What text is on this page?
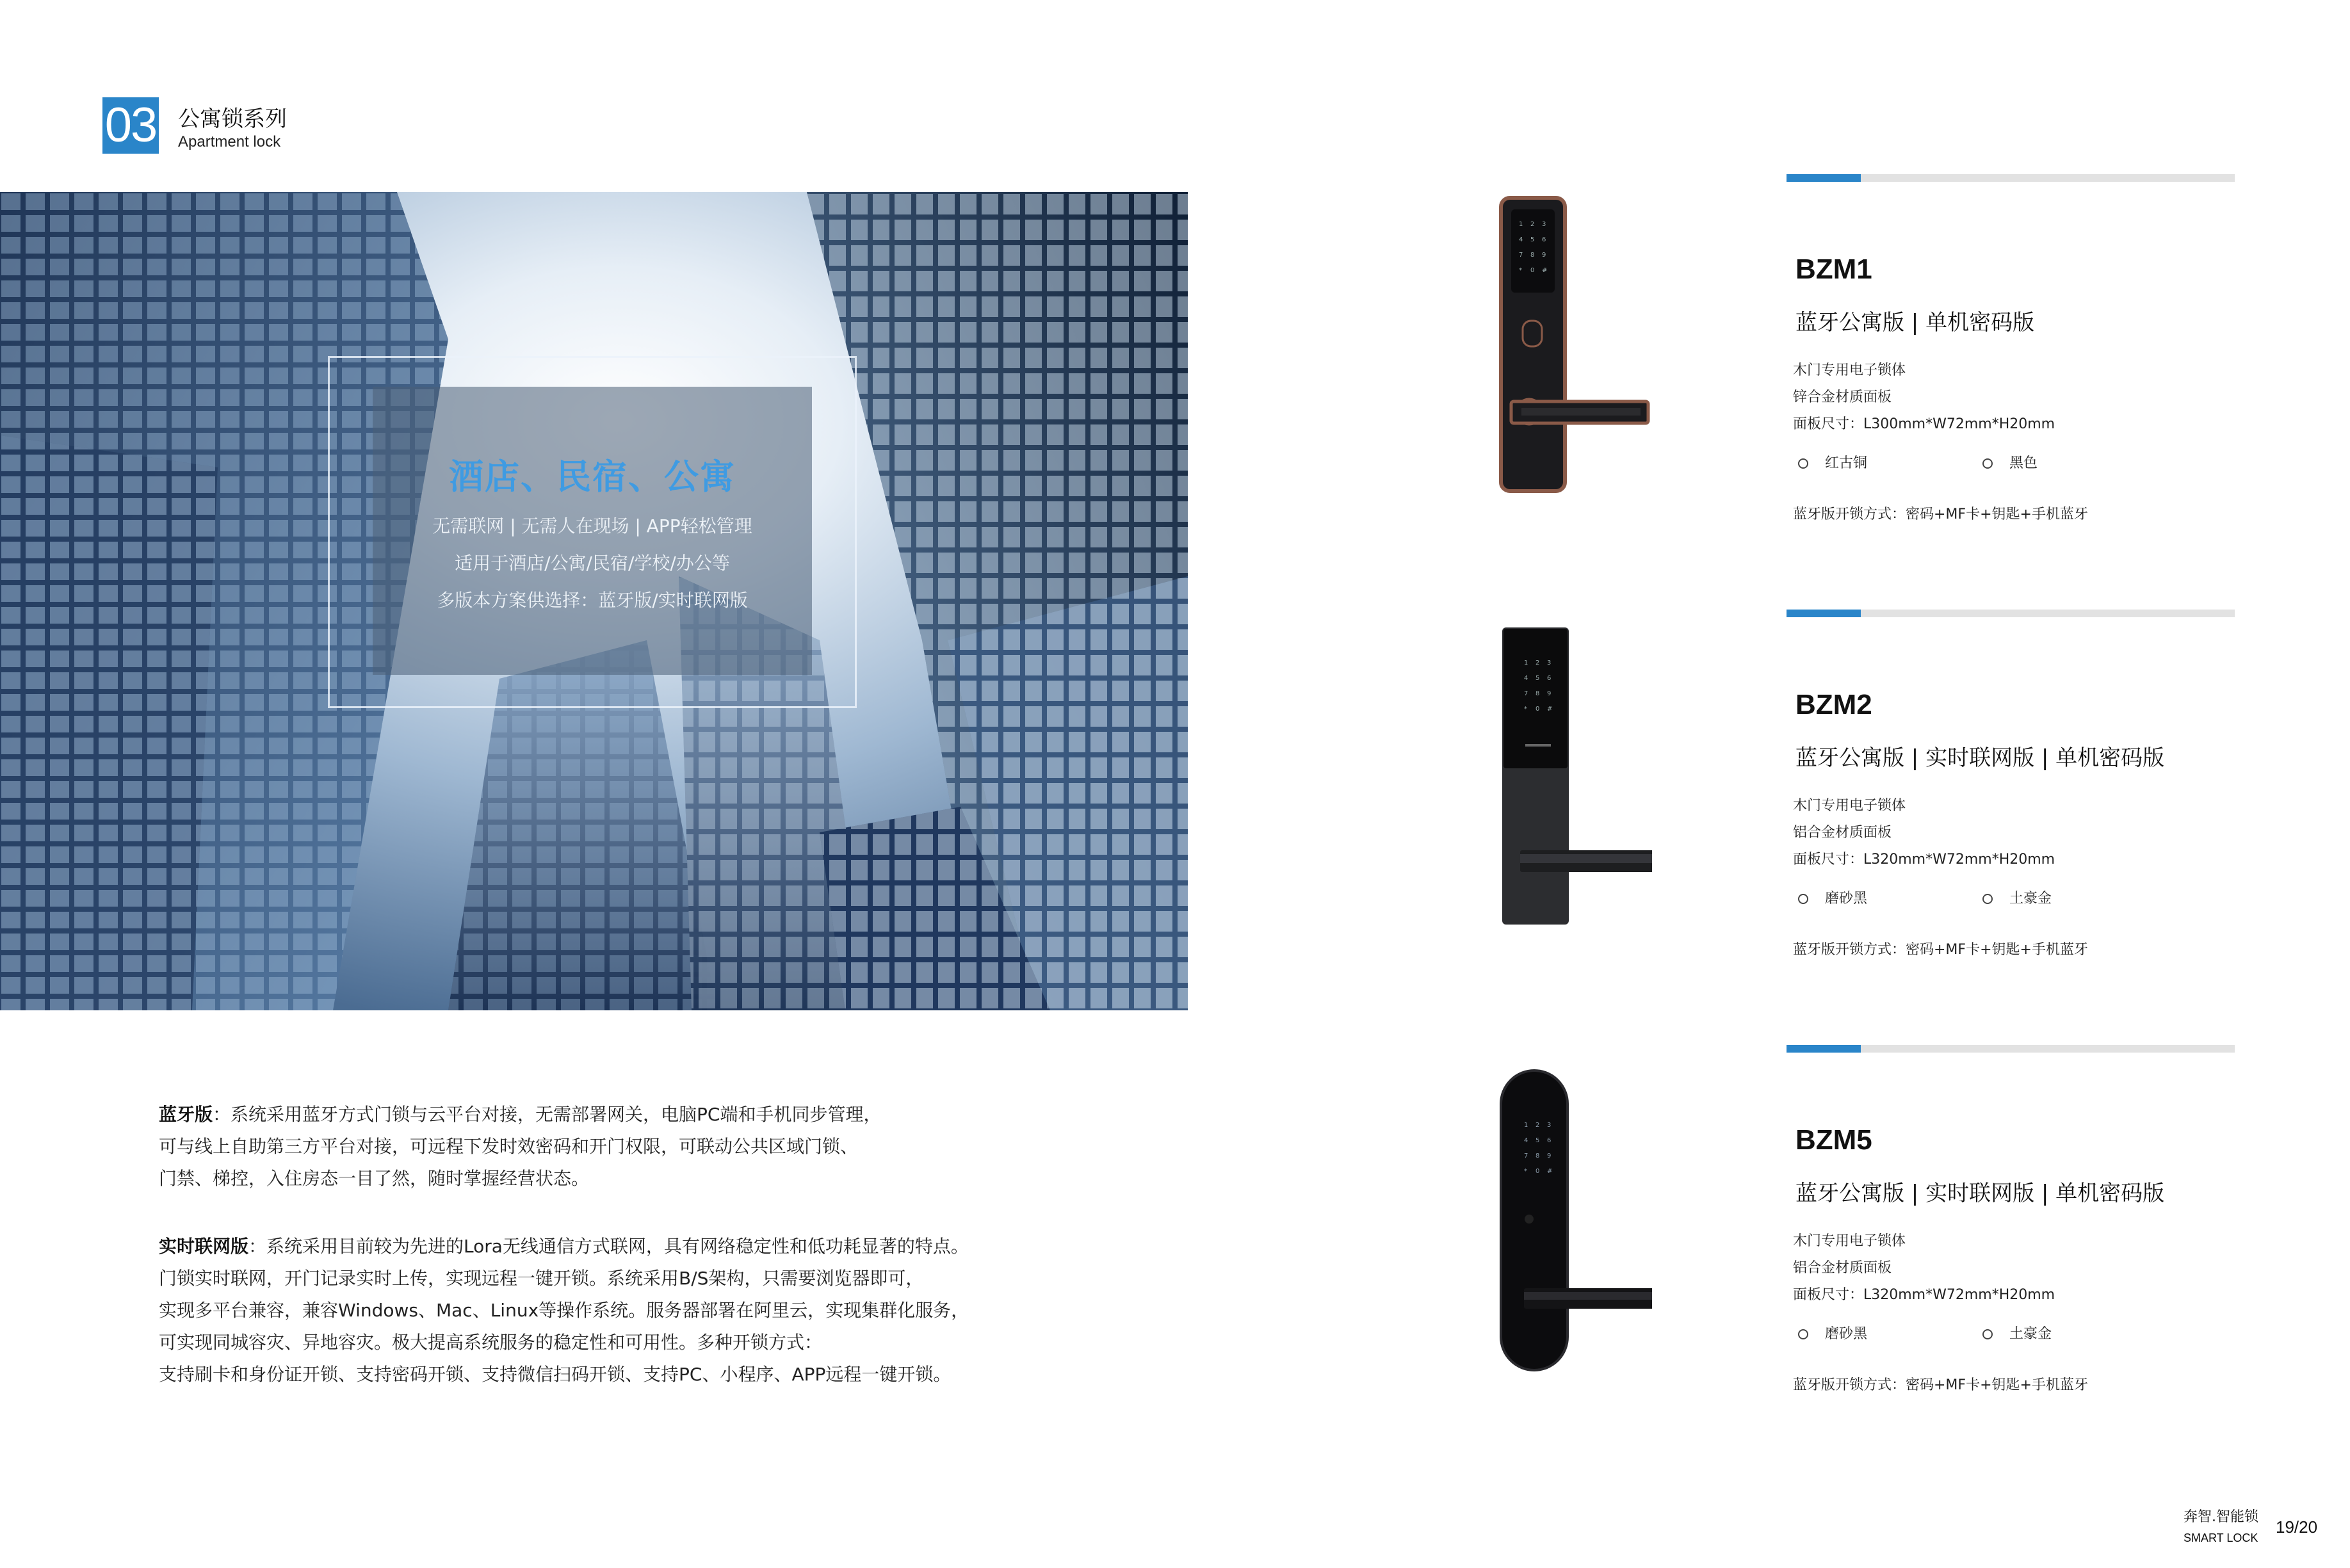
03 公寓锁系列
Apartment lock
酒店、民宿、公寓
无需联网 | 无需人在现场 | APP轻松管理
适用于酒店/公寓/民宿/学校/办公等
多版本方案供选择：蓝牙版/实时联网版
蓝牙版：系统采用蓝牙方式门锁与云平台对接，无需部署网关，电脑PC端和手机同步管理，
可与线上自助第三方平台对接，可远程下发时效密码和开门权限，可联动公共区域门锁、
门禁、梯控，入住房态一目了然，随时掌握经营状态。
实时联网版：系统采用目前较为先进的Lora无线通信方式联网，具有网络稳定性和低功耗显著的特点。
门锁实时联网，开门记录实时上传，实现远程一键开锁。系统采用B/S架构，只需要浏览器即可，
实现多平台兼容，兼容Windows、Mac、Linux等操作系统。服务器部署在阿里云，实现集群化服务，
可实现同城容灾、异地容灾。极大提高系统服务的稳定性和可用性。多种开锁方式：
支持刷卡和身份证开锁、支持密码开锁、支持微信扫码开锁、支持PC、小程序、APP远程一键开锁。
1 2 3
4 5 6
7 8 9
* 0 #	BZM1
蓝牙公寓版 | 单机密码版
木门专用电子锁体
锌合金材质面板
面板尺寸：L300mm*W72mm*H20mm
红古铜	黑色
蓝牙版开锁方式：密码+MF卡+钥匙+手机蓝牙
1 2 3
4 5 6
7 8 9
* 0 #	BZM2
蓝牙公寓版 | 实时联网版 | 单机密码版
木门专用电子锁体
铝合金材质面板
面板尺寸：L320mm*W72mm*H20mm
磨砂黑	土豪金
蓝牙版开锁方式：密码+MF卡+钥匙+手机蓝牙
1 2 3
4 5 6
7 8 9
* 0 #
BZM5
蓝牙公寓版 | 实时联网版 | 单机密码版
木门专用电子锁体
铝合金材质面板
面板尺寸：L320mm*W72mm*H20mm
磨砂黑	土豪金
蓝牙版开锁方式：密码+MF卡+钥匙+手机蓝牙
奔智.智能锁
SMART LOCK
19/20
